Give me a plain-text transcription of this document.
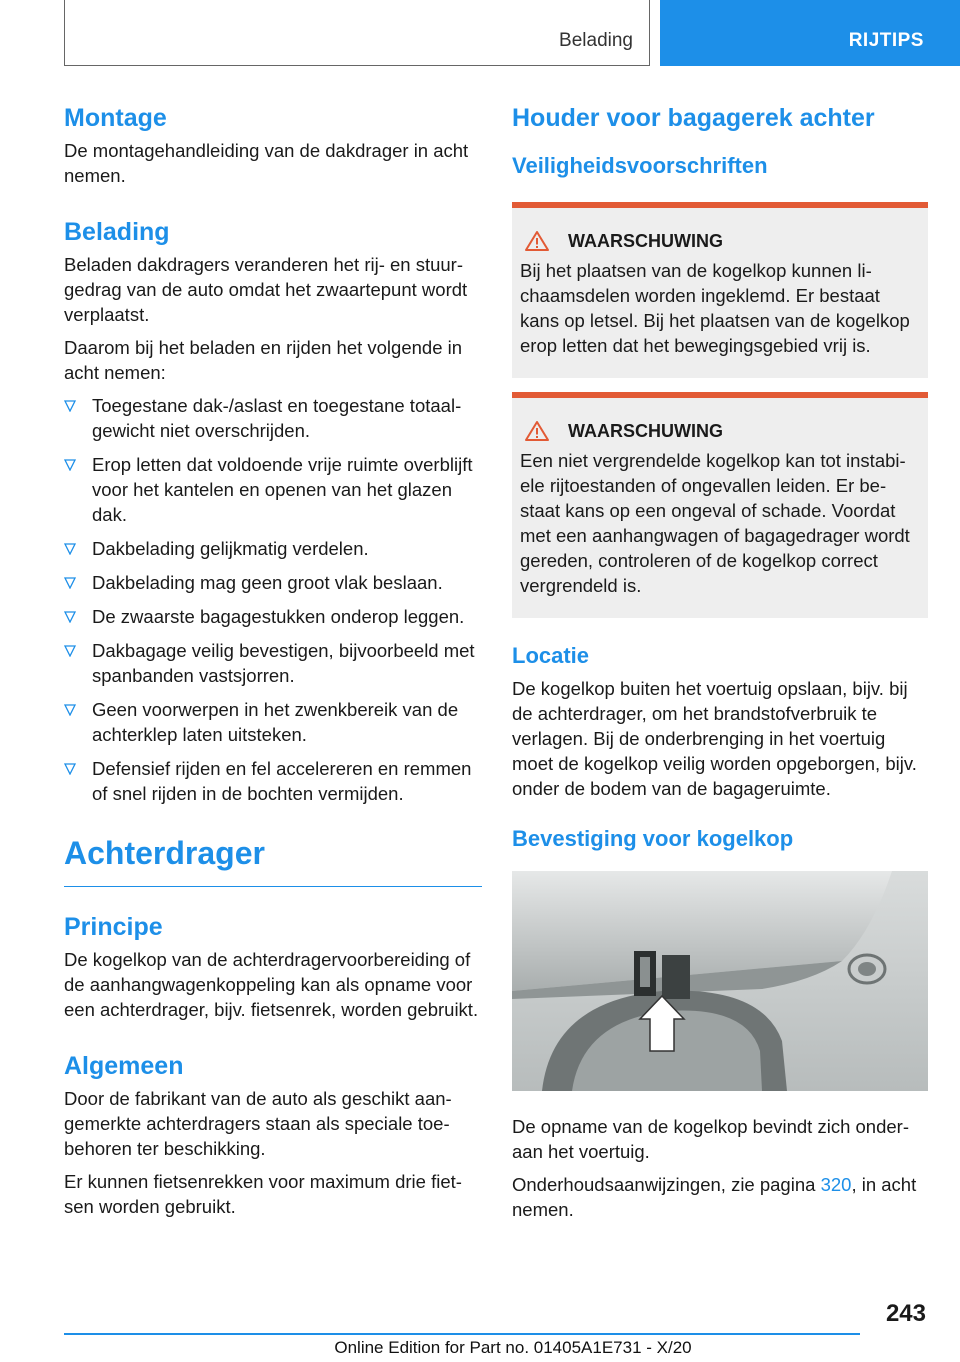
Belading	RIJTIPS
Montage
De montagehandleiding van de dakdrager in acht nemen.
Belading
Beladen dakdragers veranderen het rij- en stuurgedrag van de auto omdat het zwaartepunt wordt verplaatst.
Daarom bij het beladen en rijden het volgende in acht nemen:
Toegestane dak-/aslast en toegestane totaalgewicht niet overschrijden.
Erop letten dat voldoende vrije ruimte overblijft voor het kantelen en openen van het glazen dak.
Dakbelading gelijkmatig verdelen.
Dakbelading mag geen groot vlak beslaan.
De zwaarste bagagestukken onderop leggen.
Dakbagage veilig bevestigen, bijvoorbeeld met spanbanden vastsjorren.
Geen voorwerpen in het zwenkbereik van de achterklep laten uitsteken.
Defensief rijden en fel accelereren en remmen of snel rijden in de bochten vermijden.
Achterdrager
Principe
De kogelkop van de achterdragervoorbereiding of de aanhangwagenkoppeling kan als opname voor een achterdrager, bijv. fietsenrek, worden gebruikt.
Algemeen
Door de fabrikant van de auto als geschikt aangemerkte achterdragers staan als speciale toebehoren ter beschikking.
Er kunnen fietsenrekken voor maximum drie fietsen worden gebruikt.
Houder voor bagagerek achter
Veiligheidsvoorschriften
WAARSCHUWING
Bij het plaatsen van de kogelkop kunnen lichaamsdelen worden ingeklemd. Er bestaat kans op letsel. Bij het plaatsen van de kogelkop erop letten dat het bewegingsgebied vrij is.
WAARSCHUWING
Een niet vergrendelde kogelkop kan tot instabiele rijtoestanden of ongevallen leiden. Er bestaat kans op een ongeval of schade. Voordat met een aanhangwagen of bagagedrager wordt gereden, controleren of de kogelkop correct vergrendeld is.
Locatie
De kogelkop buiten het voertuig opslaan, bijv. bij de achterdrager, om het brandstofverbruik te verlagen. Bij de onderbrenging in het voertuig moet de kogelkop veilig worden opgeborgen, bijv. onder de bodem van de bagageruimte.
Bevestiging voor kogelkop
De opname van de kogelkop bevindt zich onderaan het voertuig.
Onderhoudsaanwijzingen, zie pagina 320, in acht nemen.
243
Online Edition for Part no. 01405A1E731 - X/20
